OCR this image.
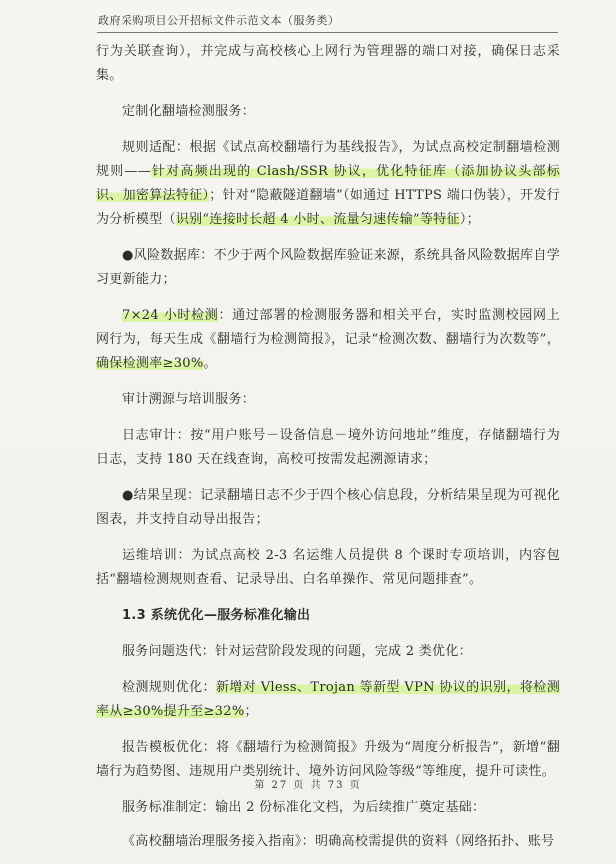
政府采购项目公开招标文件示范文本（服务类）

行为关联查询），并完成与高校核心上网行为管理器的端口对接，确保日志采集。

定制化翻墙检测服务：

规则适配：根据《试点高校翻墙行为基线报告》，为试点高校定制翻墙检测规则——针对高频出现的 Clash/SSR 协议，优化特征库（添加协议头部标识、加密算法特征）；针对“隐蔽隧道翻墙”（如通过 HTTPS 端口伪装），开发行为分析模型（识别“连接时长超 4 小时、流量匀速传输”等特征）；

●风险数据库：不少于两个风险数据库验证来源，系统具备风险数据库自学习更新能力；

7×24 小时检测：通过部署的检测服务器和相关平台，实时监测校园网上网行为，每天生成《翻墙行为检测简报》，记录“检测次数、翻墙行为次数等”，确保检测率≥30%。

审计溯源与培训服务：

日志审计：按“用户账号－设备信息－境外访问地址”维度，存储翻墙行为日志，支持 180 天在线查询，高校可按需发起溯源请求；

●结果呈现：记录翻墙日志不少于四个核心信息段，分析结果呈现为可视化图表，并支持自动导出报告；

运维培训：为试点高校 2-3 名运维人员提供 8 个课时专项培训，内容包括“翻墙检测规则查看、记录导出、白名单操作、常见问题排查”。

1.3 系统优化—服务标准化输出

服务问题迭代：针对运营阶段发现的问题，完成 2 类优化：

检测规则优化：新增对 Vless、Trojan 等新型 VPN 协议的识别，将检测率从≥30%提升至≥32%；

报告模板优化：将《翻墙行为检测简报》升级为“周度分析报告”，新增“翻墙行为趋势图、违规用户类别统计、境外访问风险等级”等维度，提升可读性。

服务标准制定：输出 2 份标准化文档，为后续推广奠定基础：

《高校翻墙治理服务接入指南》：明确高校需提供的资料（网络拓扑、账号

第 27 页 共 73 页
